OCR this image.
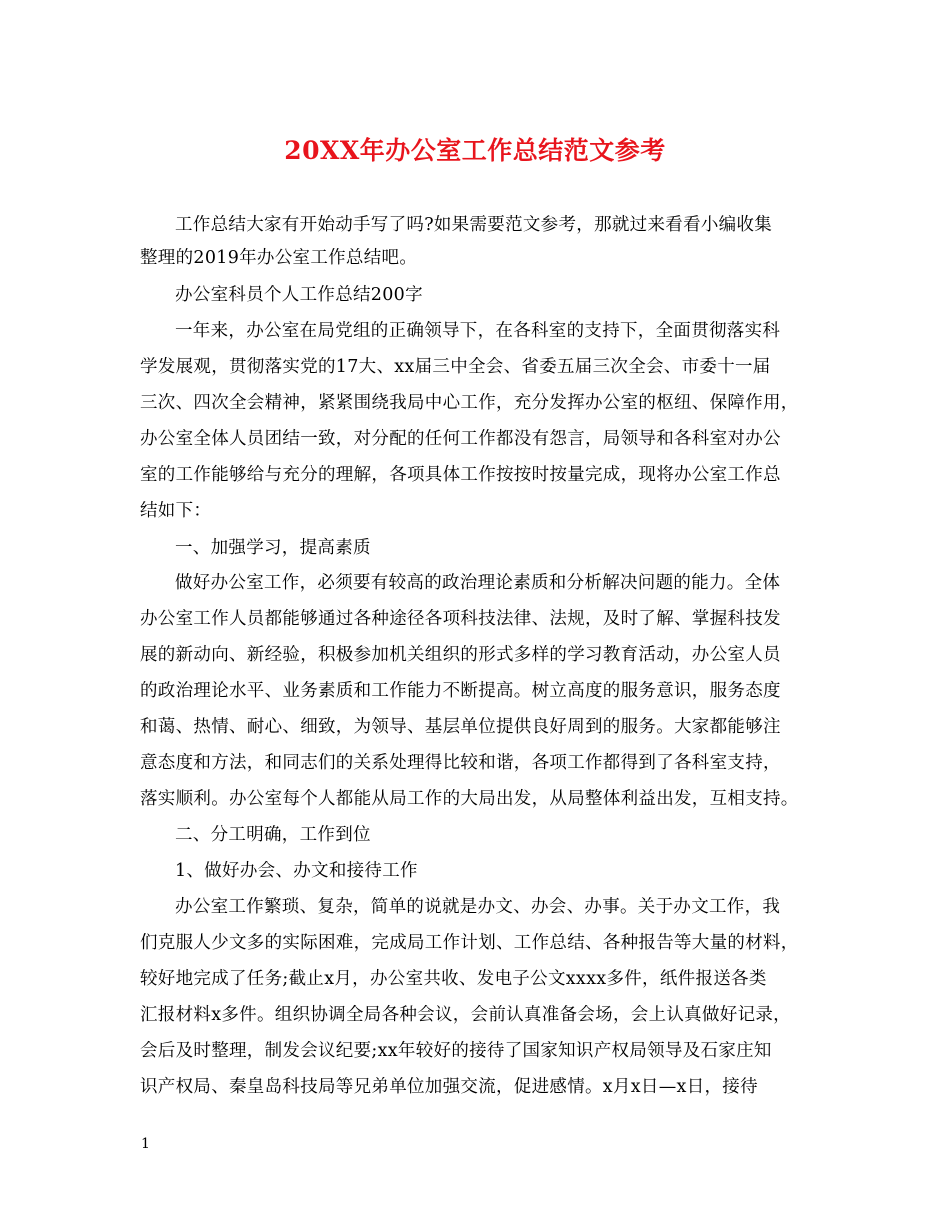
20XX年办公室工作总结范文参考
工作总结大家有开始动手写了吗?如果需要范文参考，那就过来看看小编收集
整理的2019年办公室工作总结吧。
办公室科员个人工作总结200字
一年来，办公室在局党组的正确领导下，在各科室的支持下，全面贯彻落实科
学发展观，贯彻落实党的17大、xx届三中全会、省委五届三次全会、市委十一届
三次、四次全会精神，紧紧围绕我局中心工作，充分发挥办公室的枢纽、保障作用，
办公室全体人员团结一致，对分配的任何工作都没有怨言，局领导和各科室对办公
室的工作能够给与充分的理解，各项具体工作按按时按量完成，现将办公室工作总
结如下：
一、加强学习，提高素质
做好办公室工作，必须要有较高的政治理论素质和分析解决问题的能力。全体
办公室工作人员都能够通过各种途径各项科技法律、法规，及时了解、掌握科技发
展的新动向、新经验，积极参加机关组织的形式多样的学习教育活动，办公室人员
的政治理论水平、业务素质和工作能力不断提高。树立高度的服务意识，服务态度
和蔼、热情、耐心、细致，为领导、基层单位提供良好周到的服务。大家都能够注
意态度和方法，和同志们的关系处理得比较和谐，各项工作都得到了各科室支持，
落实顺利。办公室每个人都能从局工作的大局出发，从局整体利益出发，互相支持。
二、分工明确，工作到位
1、做好办会、办文和接待工作
办公室工作繁琐、复杂，简单的说就是办文、办会、办事。关于办文工作，我
们克服人少文多的实际困难，完成局工作计划、工作总结、各种报告等大量的材料，
较好地完成了任务;截止x月，办公室共收、发电子公文xxxx多件，纸件报送各类
汇报材料x多件。组织协调全局各种会议，会前认真准备会场，会上认真做好记录，
会后及时整理，制发会议纪要;xx年较好的接待了国家知识产权局领导及石家庄知
识产权局、秦皇岛科技局等兄弟单位加强交流，促进感情。x月x日—x日，接待
1
